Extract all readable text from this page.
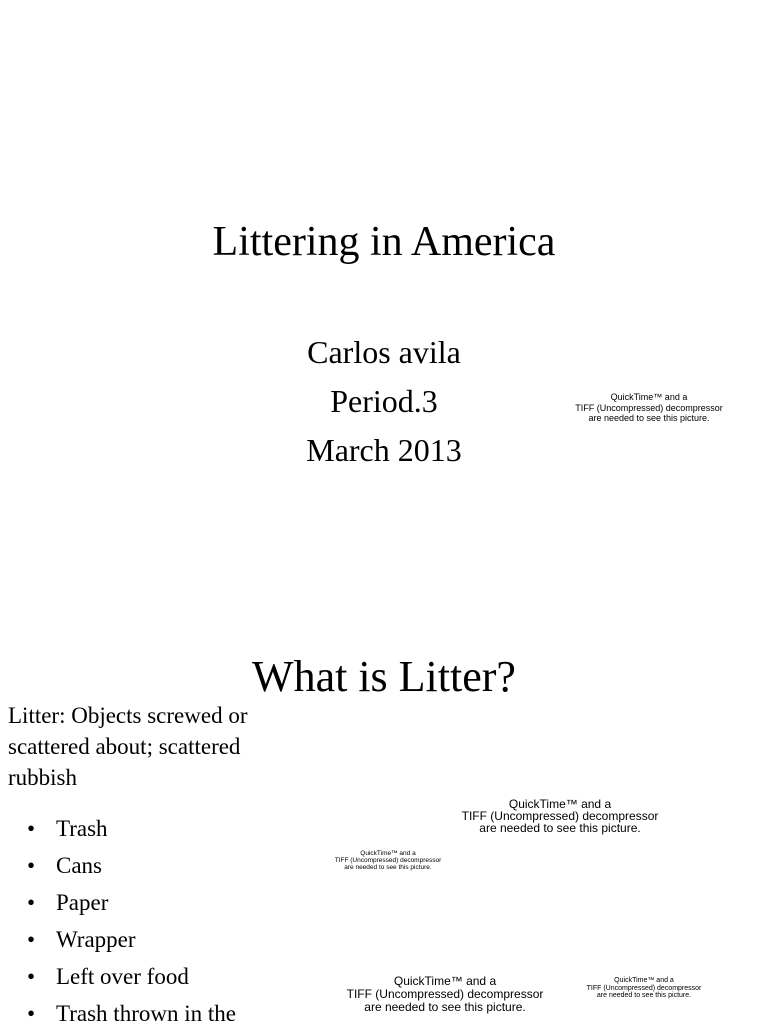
Littering in America
Carlos avila
Period.3
March 2013
QuickTime™ and a
TIFF (Uncompressed) decompressor
are needed to see this picture.
What is Litter?
Litter: Objects screwed or scattered about; scattered rubbish
• Trash
• Cans
• Paper
• Wrapper
• Left over food
• Trash thrown in the
QuickTime™ and a
TIFF (Uncompressed) decompressor
are needed to see this picture.
QuickTime™ and a
TIFF (Uncompressed) decompressor
are needed to see this picture.
QuickTime™ and a
TIFF (Uncompressed) decompressor
are needed to see this picture.
QuickTime™ and a
TIFF (Uncompressed) decompressor
are needed to see this picture.
